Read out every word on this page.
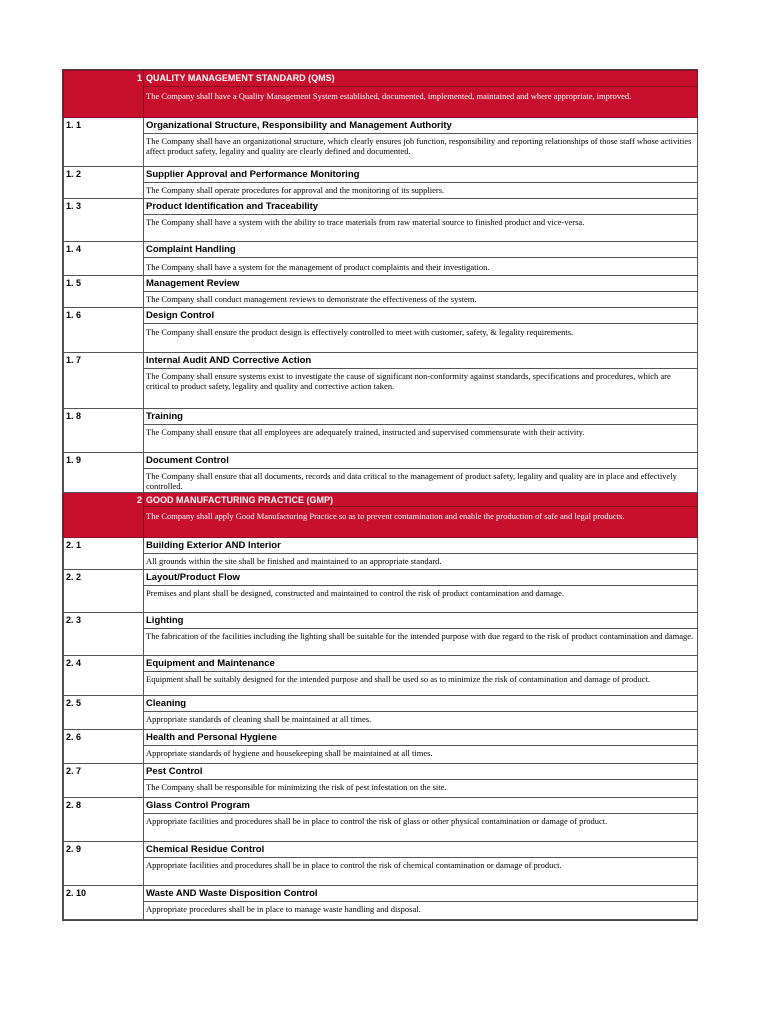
1	QUALITY MANAGEMENT STANDARD (QMS)
	The Company shall have a Quality Management System established, documented, implemented, maintained and where appropriate, improved.
1. 1	Organizational Structure, Responsibility and Management Authority
	The Company shall have an organizational structure, which clearly ensures job function, responsibility and reporting relationships of those staff whose activities affect product safety, legality and quality are clearly defined and documented.
1. 2	Supplier Approval and Performance Monitoring
	The Company shall operate procedures for approval and the monitoring of its suppliers.
1. 3	Product Identification and Traceability
	The Company shall have a system with the ability to trace materials from raw material source to finished product and vice-versa.
1. 4	Complaint Handling
	The Company shall have a system for the management of product complaints and their investigation.
1. 5	Management Review
	The Company shall conduct management reviews to demonstrate the effectiveness of the system.
1. 6	Design Control
	The Company shall ensure the product design is effectively controlled to meet with customer, safety, & legality requirements.
1. 7	Internal Audit AND Corrective Action
	The Company shall ensure systems exist to investigate the cause of significant non-conformity against standards, specifications and procedures, which are critical to product safety, legality and quality and corrective action taken.
1. 8	Training
	The Company shall ensure that all employees are adequately trained, instructed and supervised commensurate with their activity.
1. 9	Document Control
	The Company shall ensure that all documents, records and data critical to the management of product safety, legality and quality are in place and effectively controlled.
2	GOOD MANUFACTURING PRACTICE (GMP)
	The Company shall apply Good Manufacturing Practice so as to prevent contamination and enable the production of safe and legal products.
2. 1	Building Exterior AND Interior
	All grounds within the site shall be finished and maintained to an appropriate standard.
2. 2	Layout/Product Flow
	Premises and plant shall be designed, constructed and maintained to control the risk of product contamination and damage.
2. 3	Lighting
	The fabrication of the facilities including the lighting shall be suitable for the intended purpose with due regard to the risk of product contamination and damage.
2. 4	Equipment and Maintenance
	Equipment shall be suitably designed for the intended purpose and shall be used so as to minimize the risk of contamination and damage of product.
2. 5	Cleaning
	Appropriate standards of cleaning shall be maintained at all times.
2. 6	Health and Personal Hygiene
	Appropriate standards of hygiene and housekeeping shall be maintained at all times.
2. 7	Pest Control
	The Company shall be responsible for minimizing the risk of pest infestation on the site.
2. 8	Glass Control Program
	Appropriate facilities and procedures shall be in place to control the risk of glass or other physical contamination or damage of product.
2. 9	Chemical Residue Control
	Appropriate facilities and procedures shall be in place to control the risk of chemical contamination or damage of product.
2. 10	Waste AND Waste Disposition Control
	Appropriate procedures shall be in place to manage waste handling and disposal.
